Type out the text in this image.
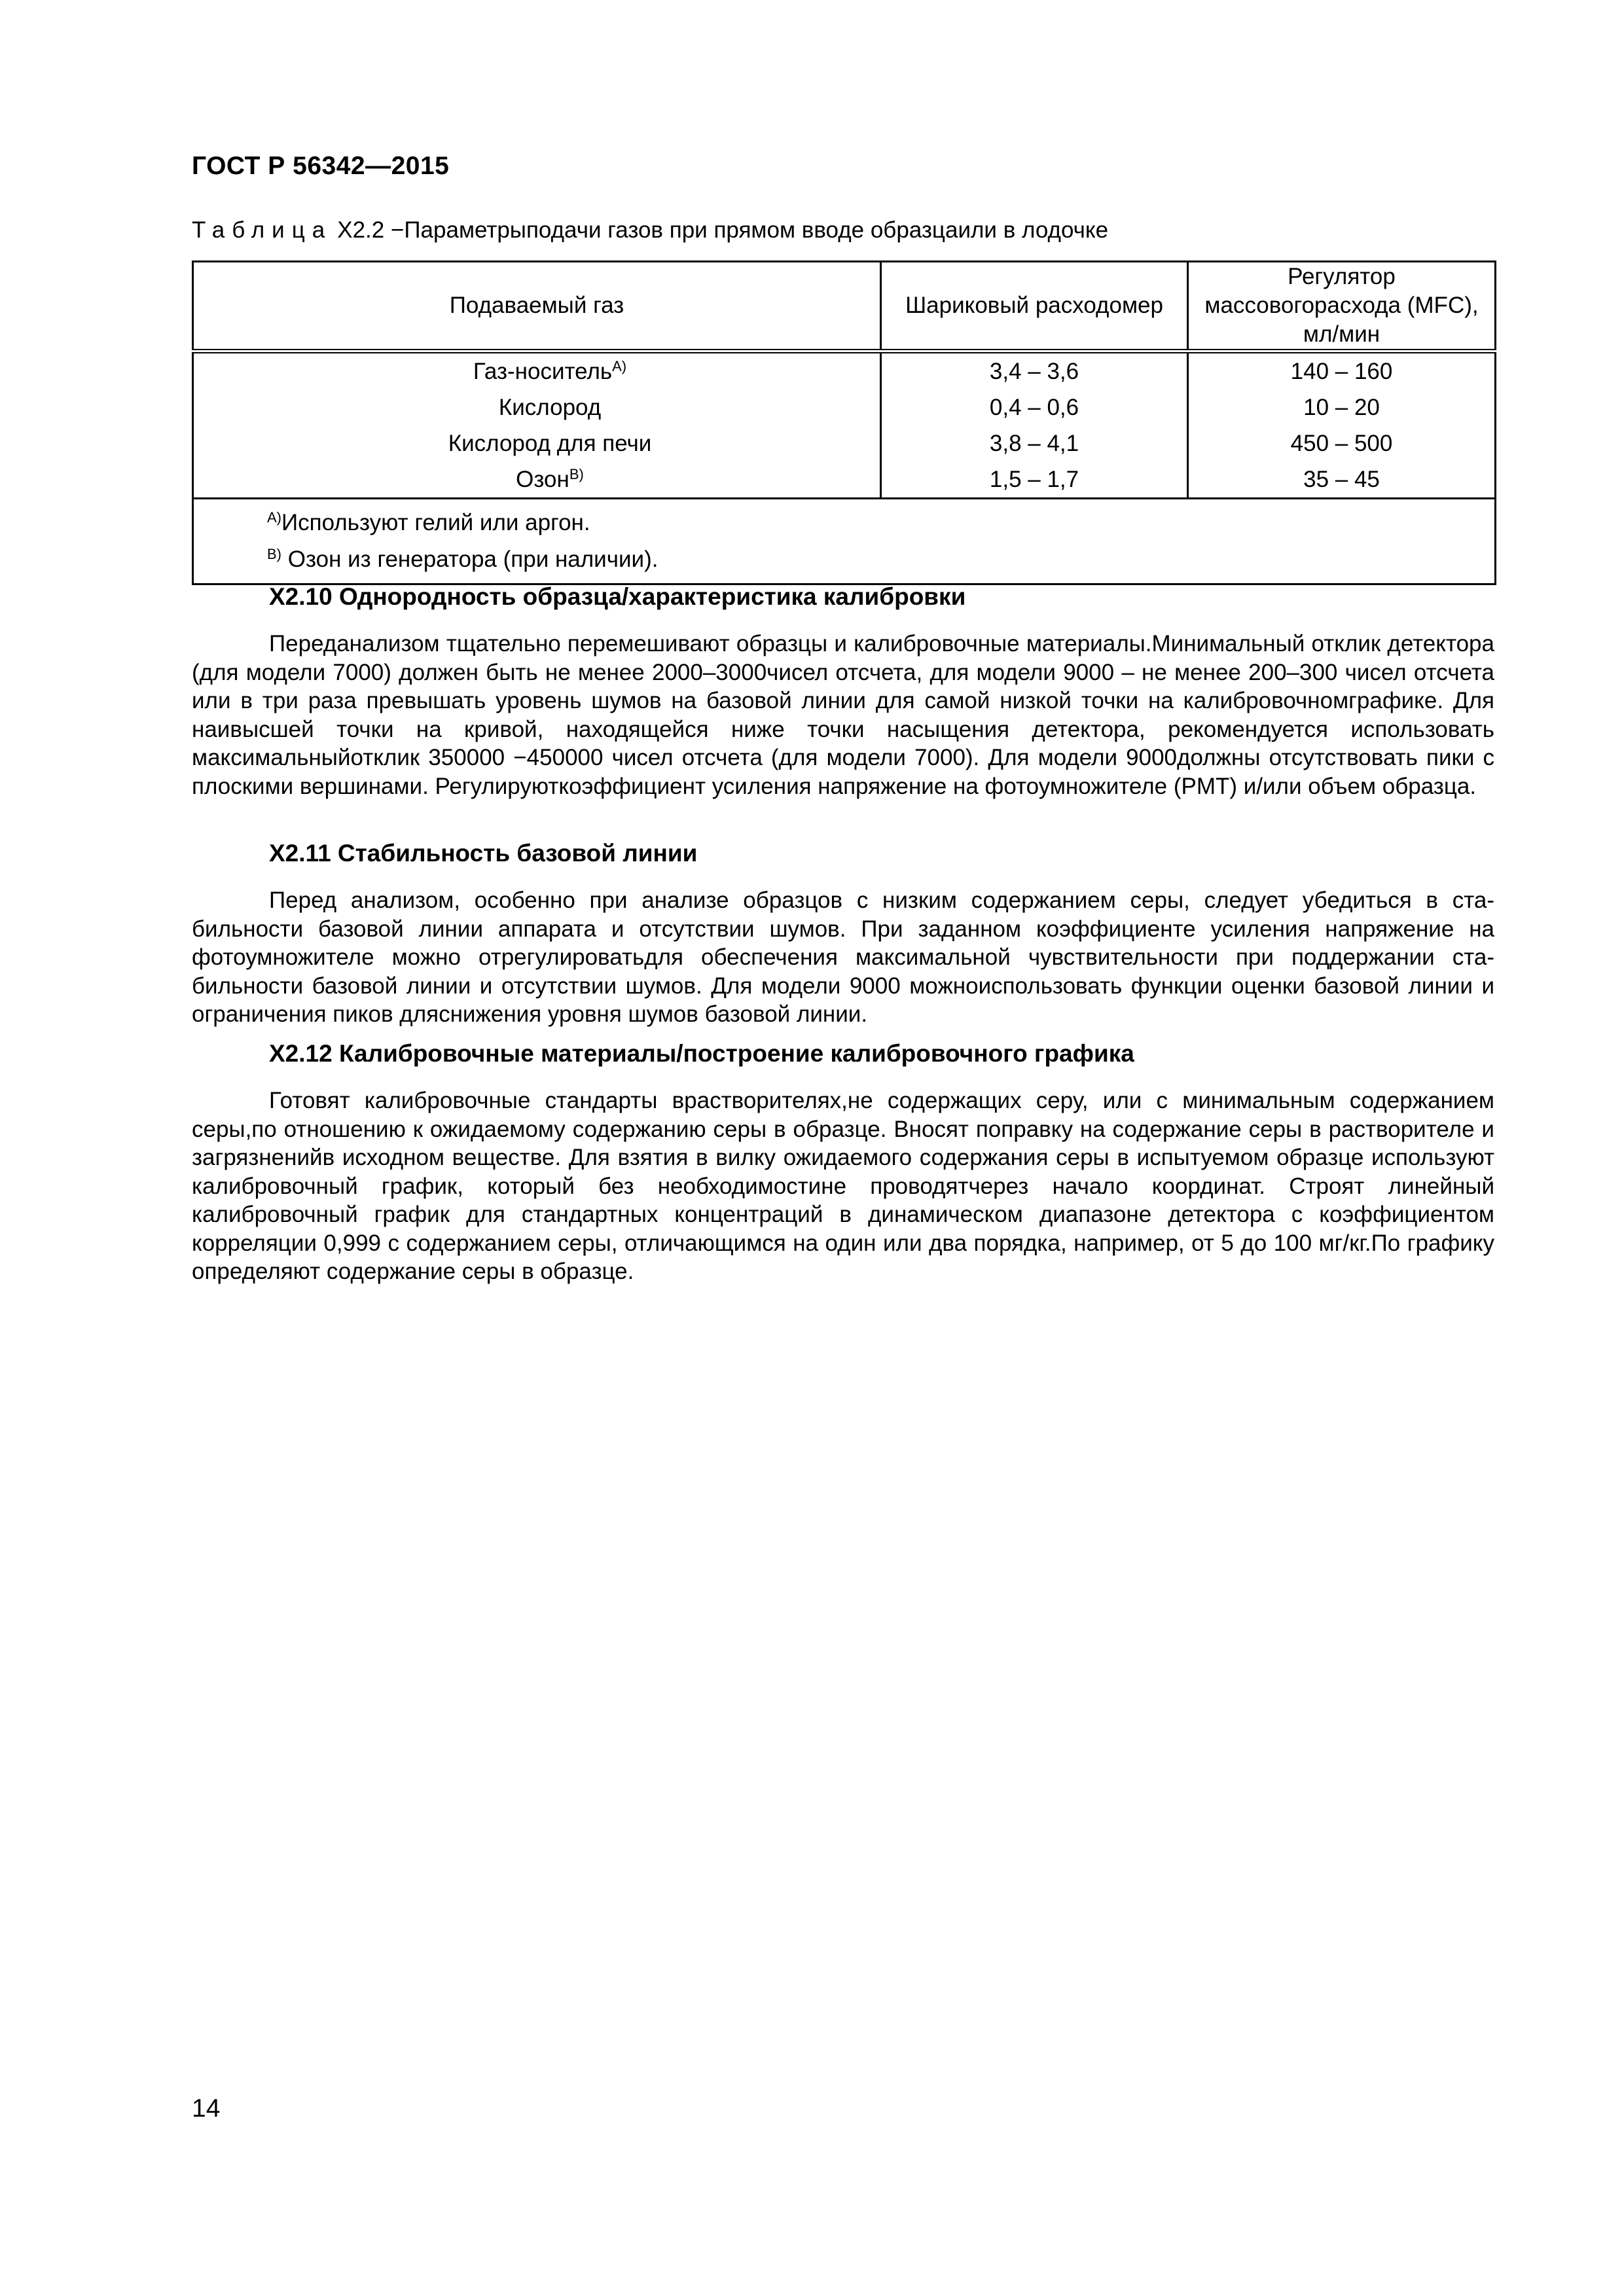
ГОСТ Р 56342—2015
Таблица X2.2 −Параметрыподачи газов при прямом вводе образцаили в лодочке
Подаваемый газ	Шариковый расходомер	Регулятор массовогорасхода (MFC), мл/мин
Газ-носитель$^{А)}$	3,4 – 3,6	140 – 160
Кислород	0,4 – 0,6	10 – 20
Кислород для печи	3,8 – 4,1	450 – 500
Озон$^{В)}$	1,5 – 1,7	35 – 45

$^{А)}$Используют гелий или аргон.
$^{В)}$ Озон из генератора (при наличии).		

X2.10 Однородность образца/характеристика калибровки

Переданализом тщательно перемешивают образцы и калибровочные материалы.Минимальный отклик детектора (для модели 7000) должен быть не менее 2000–3000чисел отсчета, для модели 9000 – не менее 200–300 чисел отсчета или в три раза превышать уровень шумов на базовой линии для самой низкой точки на калибровочномграфике. Для наивысшей точки на кривой, находящейся ниже точки насыщения детектора, рекомендуется использовать максимальныйотклик 350000 −450000 чисел отсчета (для модели 7000). Для модели 9000должны отсутствовать пики с плоскими вершинами. Регулируюткоэффициент усиления напряжение на фотоумножителе (PMT) и/или объем образца.

X2.11 Стабильность базовой линии

Перед анализом, особенно при анализе образцов с низким содержанием серы, следует убедиться в стабильности базовой линии аппарата и отсутствии шумов. При заданном коэффициенте усиления напряжение на фотоумножителе можно отрегулироватьдля обеспечения максимальной чувствительности при поддержании стабильности базовой линии и отсутствии шумов. Для модели 9000 можноиспользовать функции оценки базовой линии и ограничения пиков дляснижения уровня шумов базовой линии.

X2.12 Калибровочные материалы/построение калибровочного графика

Готовят калибровочные стандарты врастворителях,не содержащих серу, или с минимальным содержанием серы,по отношению к ожидаемому содержанию серы в образце. Вносят поправку на содержание серы в растворителе и загрязненийв исходном веществе. Для взятия в вилку ожидаемого содержания серы в испытуемом образце используют калибровочный график, который без необходимостине проводятчерез начало координат. Строят линейный калибровочный график для стандартных концентраций в динамическом диапазоне детектора с коэффициентом корреляции 0,999 с содержанием серы, отличающимся на один или два порядка, например, от 5 до 100 мг/кг.По графику определяют содержание серы в образце.

14
